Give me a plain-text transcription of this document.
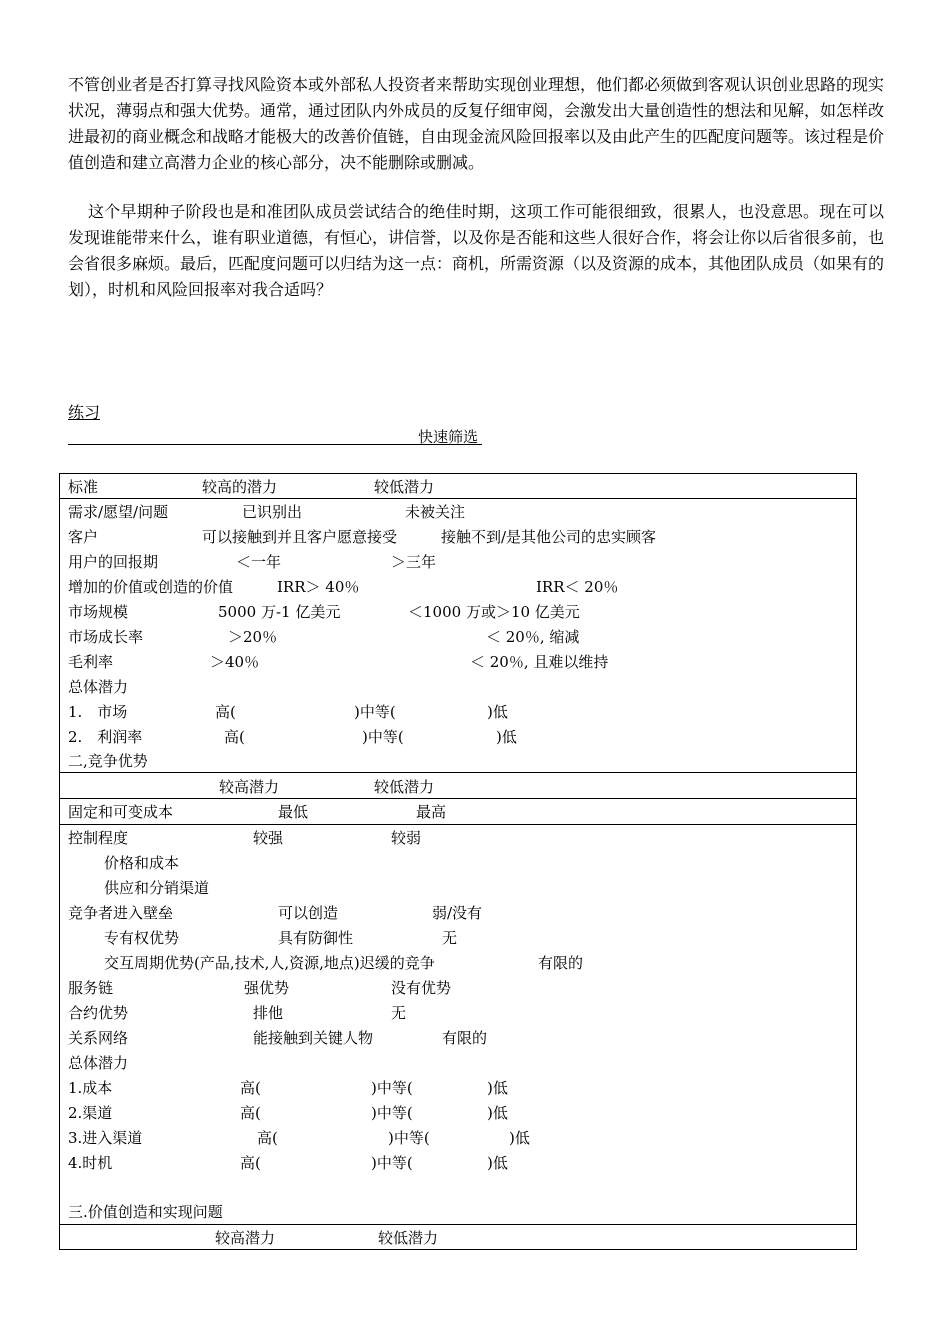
不管创业者是否打算寻找风险资本或外部私人投资者来帮助实现创业理想，他们都必须做到客观认识创业思路的现实状况，薄弱点和强大优势。通常，通过团队内外成员的反复仔细审阅，会激发出大量创造性的想法和见解，如怎样改进最初的商业概念和战略才能极大的改善价值链，自由现金流风险回报率以及由此产生的匹配度问题等。该过程是价值创造和建立高潜力企业的核心部分，决不能删除或删减。
这个早期种子阶段也是和准团队成员尝试结合的绝佳时期，这项工作可能很细致，很累人，也没意思。现在可以发现谁能带来什么，谁有职业道德，有恒心，讲信誉，以及你是否能和这些人很好合作，将会让你以后省很多前，也会省很多麻烦。最后，匹配度问题可以归结为这一点：商机，所需资源（以及资源的成本，其他团队成员（如果有的划），时机和风险回报率对我合适吗？
练习
快速筛选
标准	较高的潜力	较低潜力
需求/愿望/问题	已识别出	未被关注
客户	可以接触到并且客户愿意接受	接触不到/是其他公司的忠实顾客
用户的回报期	＜一年	＞三年
增加的价值或创造的价值	IRR＞ 40％	IRR＜ 20％
市场规模	5000 万-1 亿美元	＜1000 万或＞10 亿美元
市场成长率	＞20％	＜ 20％, 缩减
毛利率	＞40％	＜ 20％, 且难以维持
总体潜力
1.　市场	高(	)中等(	)低
2.　利润率	高(	)中等(	)低
二,竞争优势
较高潜力	较低潜力
固定和可变成本	最低	最高
控制程度	较强	较弱
价格和成本
供应和分销渠道
竞争者进入壁垒	可以创造	弱/没有
专有权优势	具有防御性	无
交互周期优势(产品,技术,人,资源,地点)迟缓的竞争	有限的
服务链	强优势	没有优势
合约优势	排他	无
关系网络	能接触到关键人物	有限的
总体潜力
1.成本	高(	)中等(	)低
2.渠道	高(	)中等(	)低
3.进入渠道	高(	)中等(	)低
4.时机	高(	)中等(	)低
三.价值创造和实现问题
较高潜力	较低潜力
